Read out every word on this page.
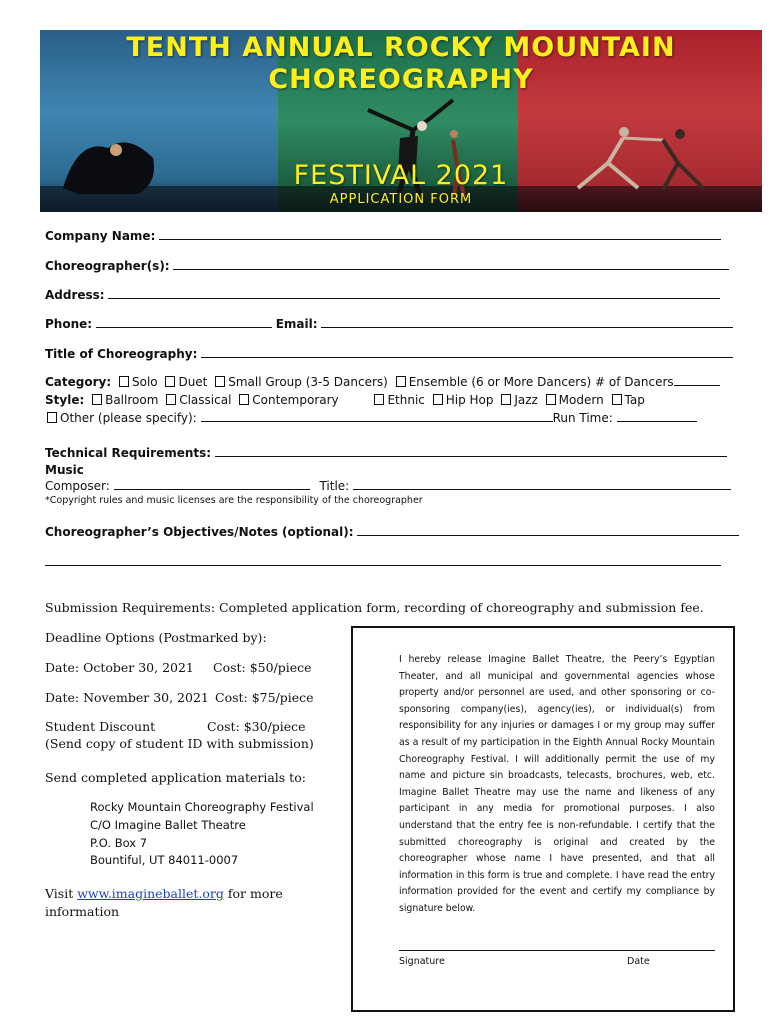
TENTH ANNUAL ROCKY MOUNTAIN
CHOREOGRAPHY
FESTIVAL 2021
APPLICATION FORM
Company Name:
Choreographer(s):
Address:
Phone:	Email:
Title of Choreography:
Category: Solo Duet Small Group (3-5 Dancers) Ensemble (6 or More Dancers) # of Dancers
Style: Ballroom Classical Contemporary	Ethnic Hip Hop Jazz Modern Tap
Other (please specify):	Run Time:
Technical Requirements:
Music
Composer:	Title:
*Copyright rules and music licenses are the responsibility of the choreographer
Choreographer’s Objectives/Notes (optional):
Submission Requirements: Completed application form, recording of choreography and submission fee.
Deadline Options (Postmarked by):
Date: October 30, 2021 Cost: $50/piece
Date: November 30, 2021 Cost: $75/piece
Student Discount	Cost: $30/piece
(Send copy of student ID with submission)
Send completed application materials to:
Rocky Mountain Choreography Festival
C/O Imagine Ballet Theatre
P.O. Box 7
Bountiful, UT 84011-0007
Visit www.imagineballet.org for more
information
I hereby release Imagine Ballet Theatre, the Peery’s Egyptian Theater, and all municipal and governmental agencies whose property and/or personnel are used, and other sponsoring or co-sponsoring company(ies), agency(ies), or individual(s) from responsibility for any injuries or damages I or my group may suffer as a result of my participation in the Eighth Annual Rocky Mountain Choreography Festival. I will additionally permit the use of my name and picture sin broadcasts, telecasts, brochures, web, etc. Imagine Ballet Theatre may use the name and likeness of any participant in any media for promotional purposes. I also understand that the entry fee is non-refundable. I certify that the submitted choreography is original and created by the choreographer whose name I have presented, and that all information in this form is true and complete. I have read the entry information provided for the event and certify my compliance by signature below.
Signature	Date
